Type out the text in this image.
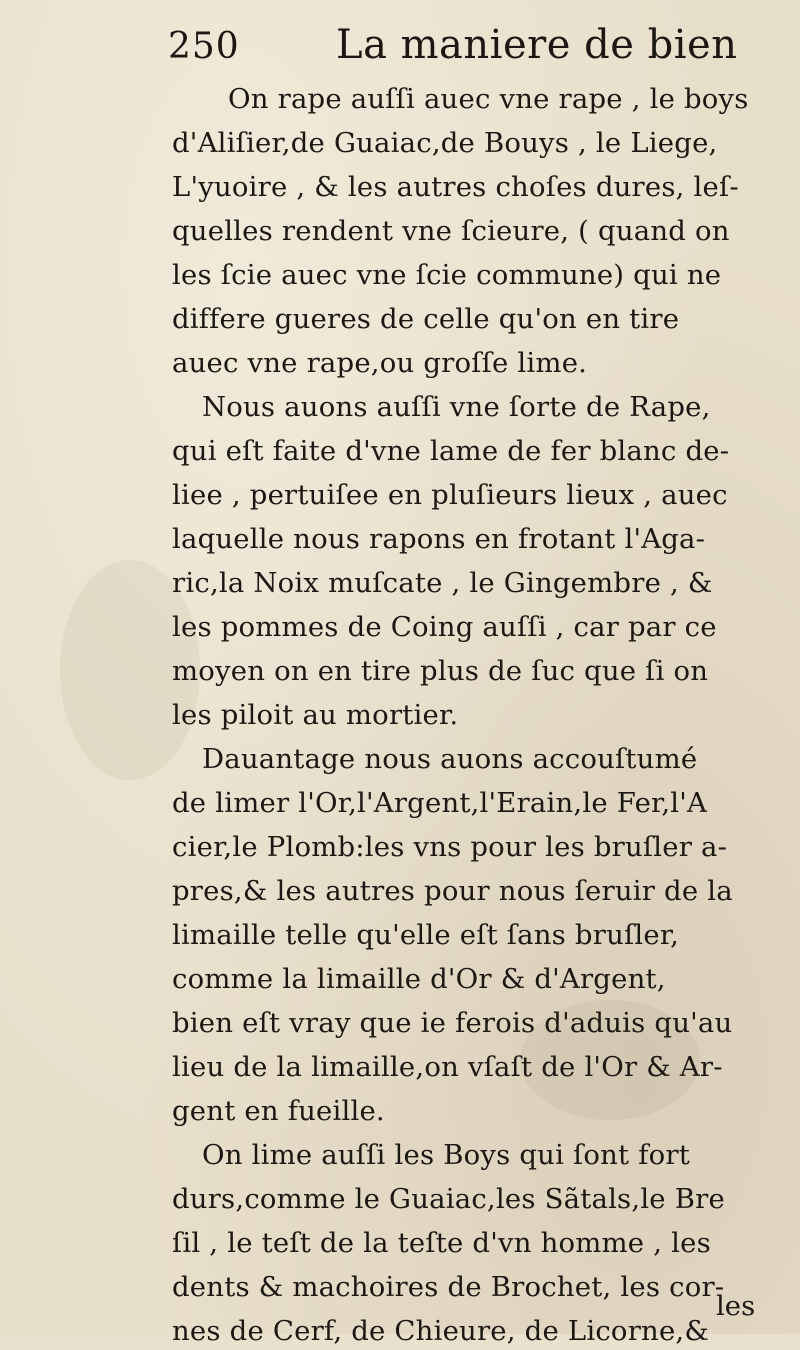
250 La maniere de bien
On rape auſſi auec vne rape , le boys
d'Aliſier,de Guaiac,de Bouys , le Liege,
L'yuoire , & les autres choſes dures, leſ-
quelles rendent vne ſcieure, ( quand on
les ſcie auec vne ſcie commune) qui ne
differe gueres de celle qu'on en tire
auec vne rape,ou groſſe lime.
Nous auons auſſi vne ſorte de Rape,
qui eſt faite d'vne lame de fer blanc de-
liee , pertuiſee en pluſieurs lieux , auec
laquelle nous rapons en frotant l'Aga-
ric,la Noix muſcate , le Gingembre , &
les pommes de Coing auſſi , car par ce
moyen on en tire plus de ſuc que ſi on
les piloit au mortier.
Dauantage nous auons accouſtumé
de limer l'Or,l'Argent,l'Erain,le Fer,l'A
cier,le Plomb:les vns pour les bruſler a-
pres,& les autres pour nous ſeruir de la
limaille telle qu'elle eſt ſans bruſler,
comme la limaille d'Or & d'Argent,
bien eſt vray que ie ferois d'aduis qu'au
lieu de la limaille,on vſaſt de l'Or & Ar-
gent en fueille.
On lime auſſi les Boys qui ſont fort
durs,comme le Guaiac,les Sãtals,le Bre
ſil , le teſt de la teſte d'vn homme , les
dents & machoires de Brochet, les cor-
nes de Cerf, de Chieure, de Licorne,&
les
